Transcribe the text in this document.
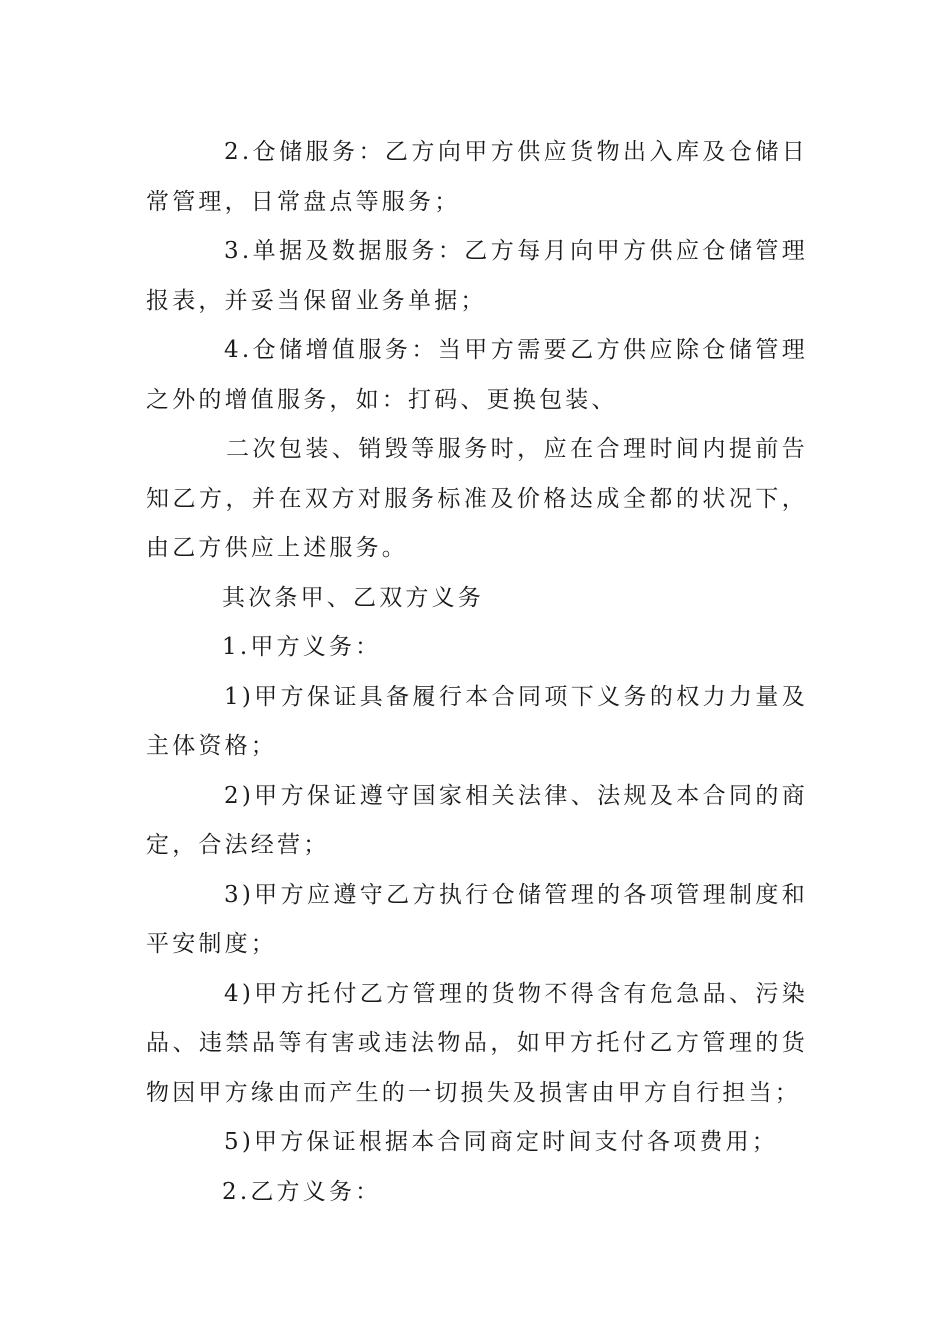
2.仓储服务：乙方向甲方供应货物出入库及仓储日常管理，日常盘点等服务；

3.单据及数据服务：乙方每月向甲方供应仓储管理报表，并妥当保留业务单据；

4.仓储增值服务：当甲方需要乙方供应除仓储管理之外的增值服务，如：打码、更换包装、

二次包装、销毁等服务时，应在合理时间内提前告知乙方，并在双方对服务标准及价格达成全都的状况下，由乙方供应上述服务。

其次条甲、乙双方义务

1.甲方义务：

1)甲方保证具备履行本合同项下义务的权力力量及主体资格；

2)甲方保证遵守国家相关法律、法规及本合同的商定，合法经营；

3)甲方应遵守乙方执行仓储管理的各项管理制度和平安制度；

4)甲方托付乙方管理的货物不得含有危急品、污染品、违禁品等有害或违法物品，如甲方托付乙方管理的货物因甲方缘由而产生的一切损失及损害由甲方自行担当；

5)甲方保证根据本合同商定时间支付各项费用；

2.乙方义务：
